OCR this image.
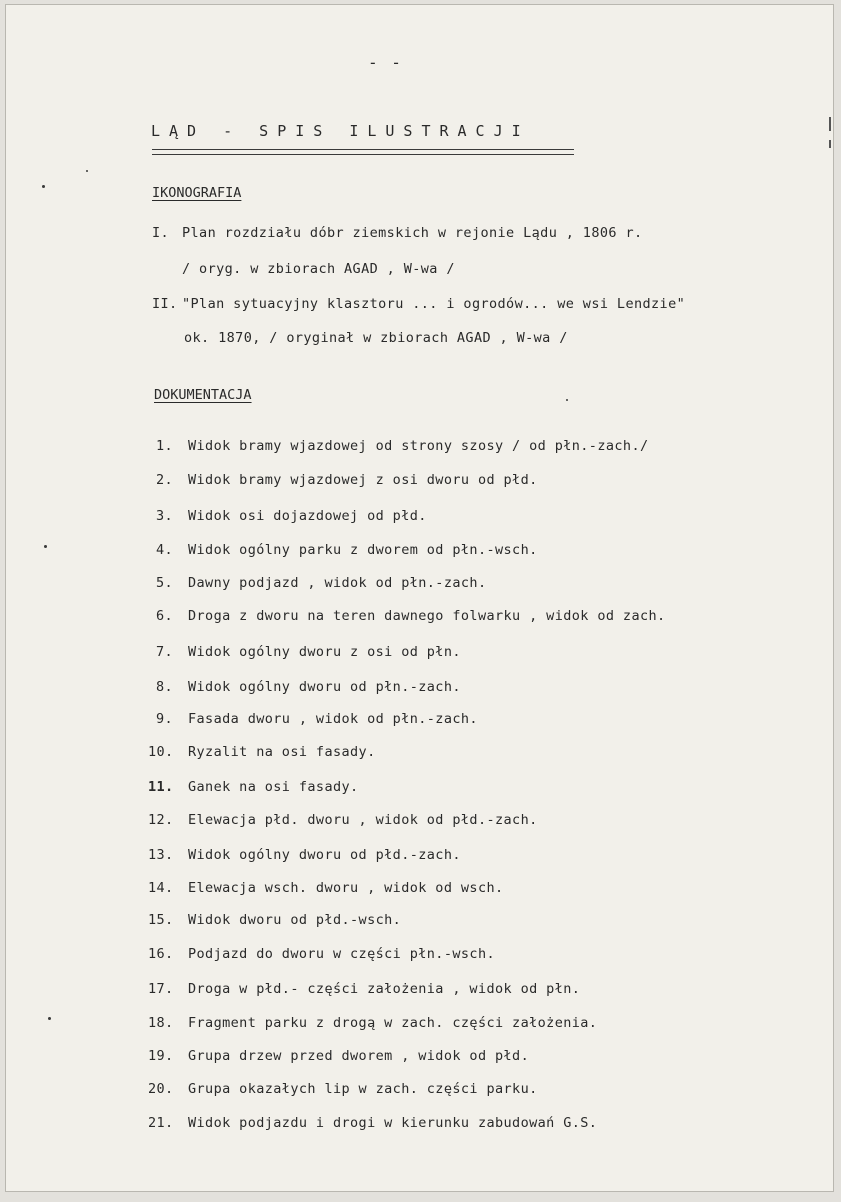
- -
LĄD - SPIS ILUSTRACJI
IKONOGRAFIA
I. Plan rozdziału dóbr ziemskich w rejonie Lądu , 1806 r.
/ oryg. w zbiorach AGAD , W-wa /
II. "Plan sytuacyjny klasztoru ... i ogrodów... we wsi Lendzie"
ok. 1870, / oryginał w zbiorach AGAD , W-wa /
DOKUMENTACJA
1. Widok bramy wjazdowej od strony szosy / od płn.-zach./
2. Widok bramy wjazdowej z osi dworu od płd.
3. Widok osi dojazdowej od płd.
4. Widok ogólny parku z dworem od płn.-wsch.
5. Dawny podjazd , widok od płn.-zach.
6. Droga z dworu na teren dawnego folwarku , widok od zach.
7. Widok ogólny dworu z osi od płn.
8. Widok ogólny dworu od płn.-zach.
9. Fasada dworu , widok od płn.-zach.
10. Ryzalit na osi fasady.
11. Ganek na osi fasady.
12. Elewacja płd. dworu , widok od płd.-zach.
13. Widok ogólny dworu od płd.-zach.
14. Elewacja wsch. dworu , widok od wsch.
15. Widok dworu od płd.-wsch.
16. Podjazd do dworu w części płn.-wsch.
17. Droga w płd.- części założenia , widok od płn.
18. Fragment parku z drogą w zach. części założenia.
19. Grupa drzew przed dworem , widok od płd.
20. Grupa okazałych lip w zach. części parku.
21. Widok podjazdu i drogi w kierunku zabudowań G.S.
